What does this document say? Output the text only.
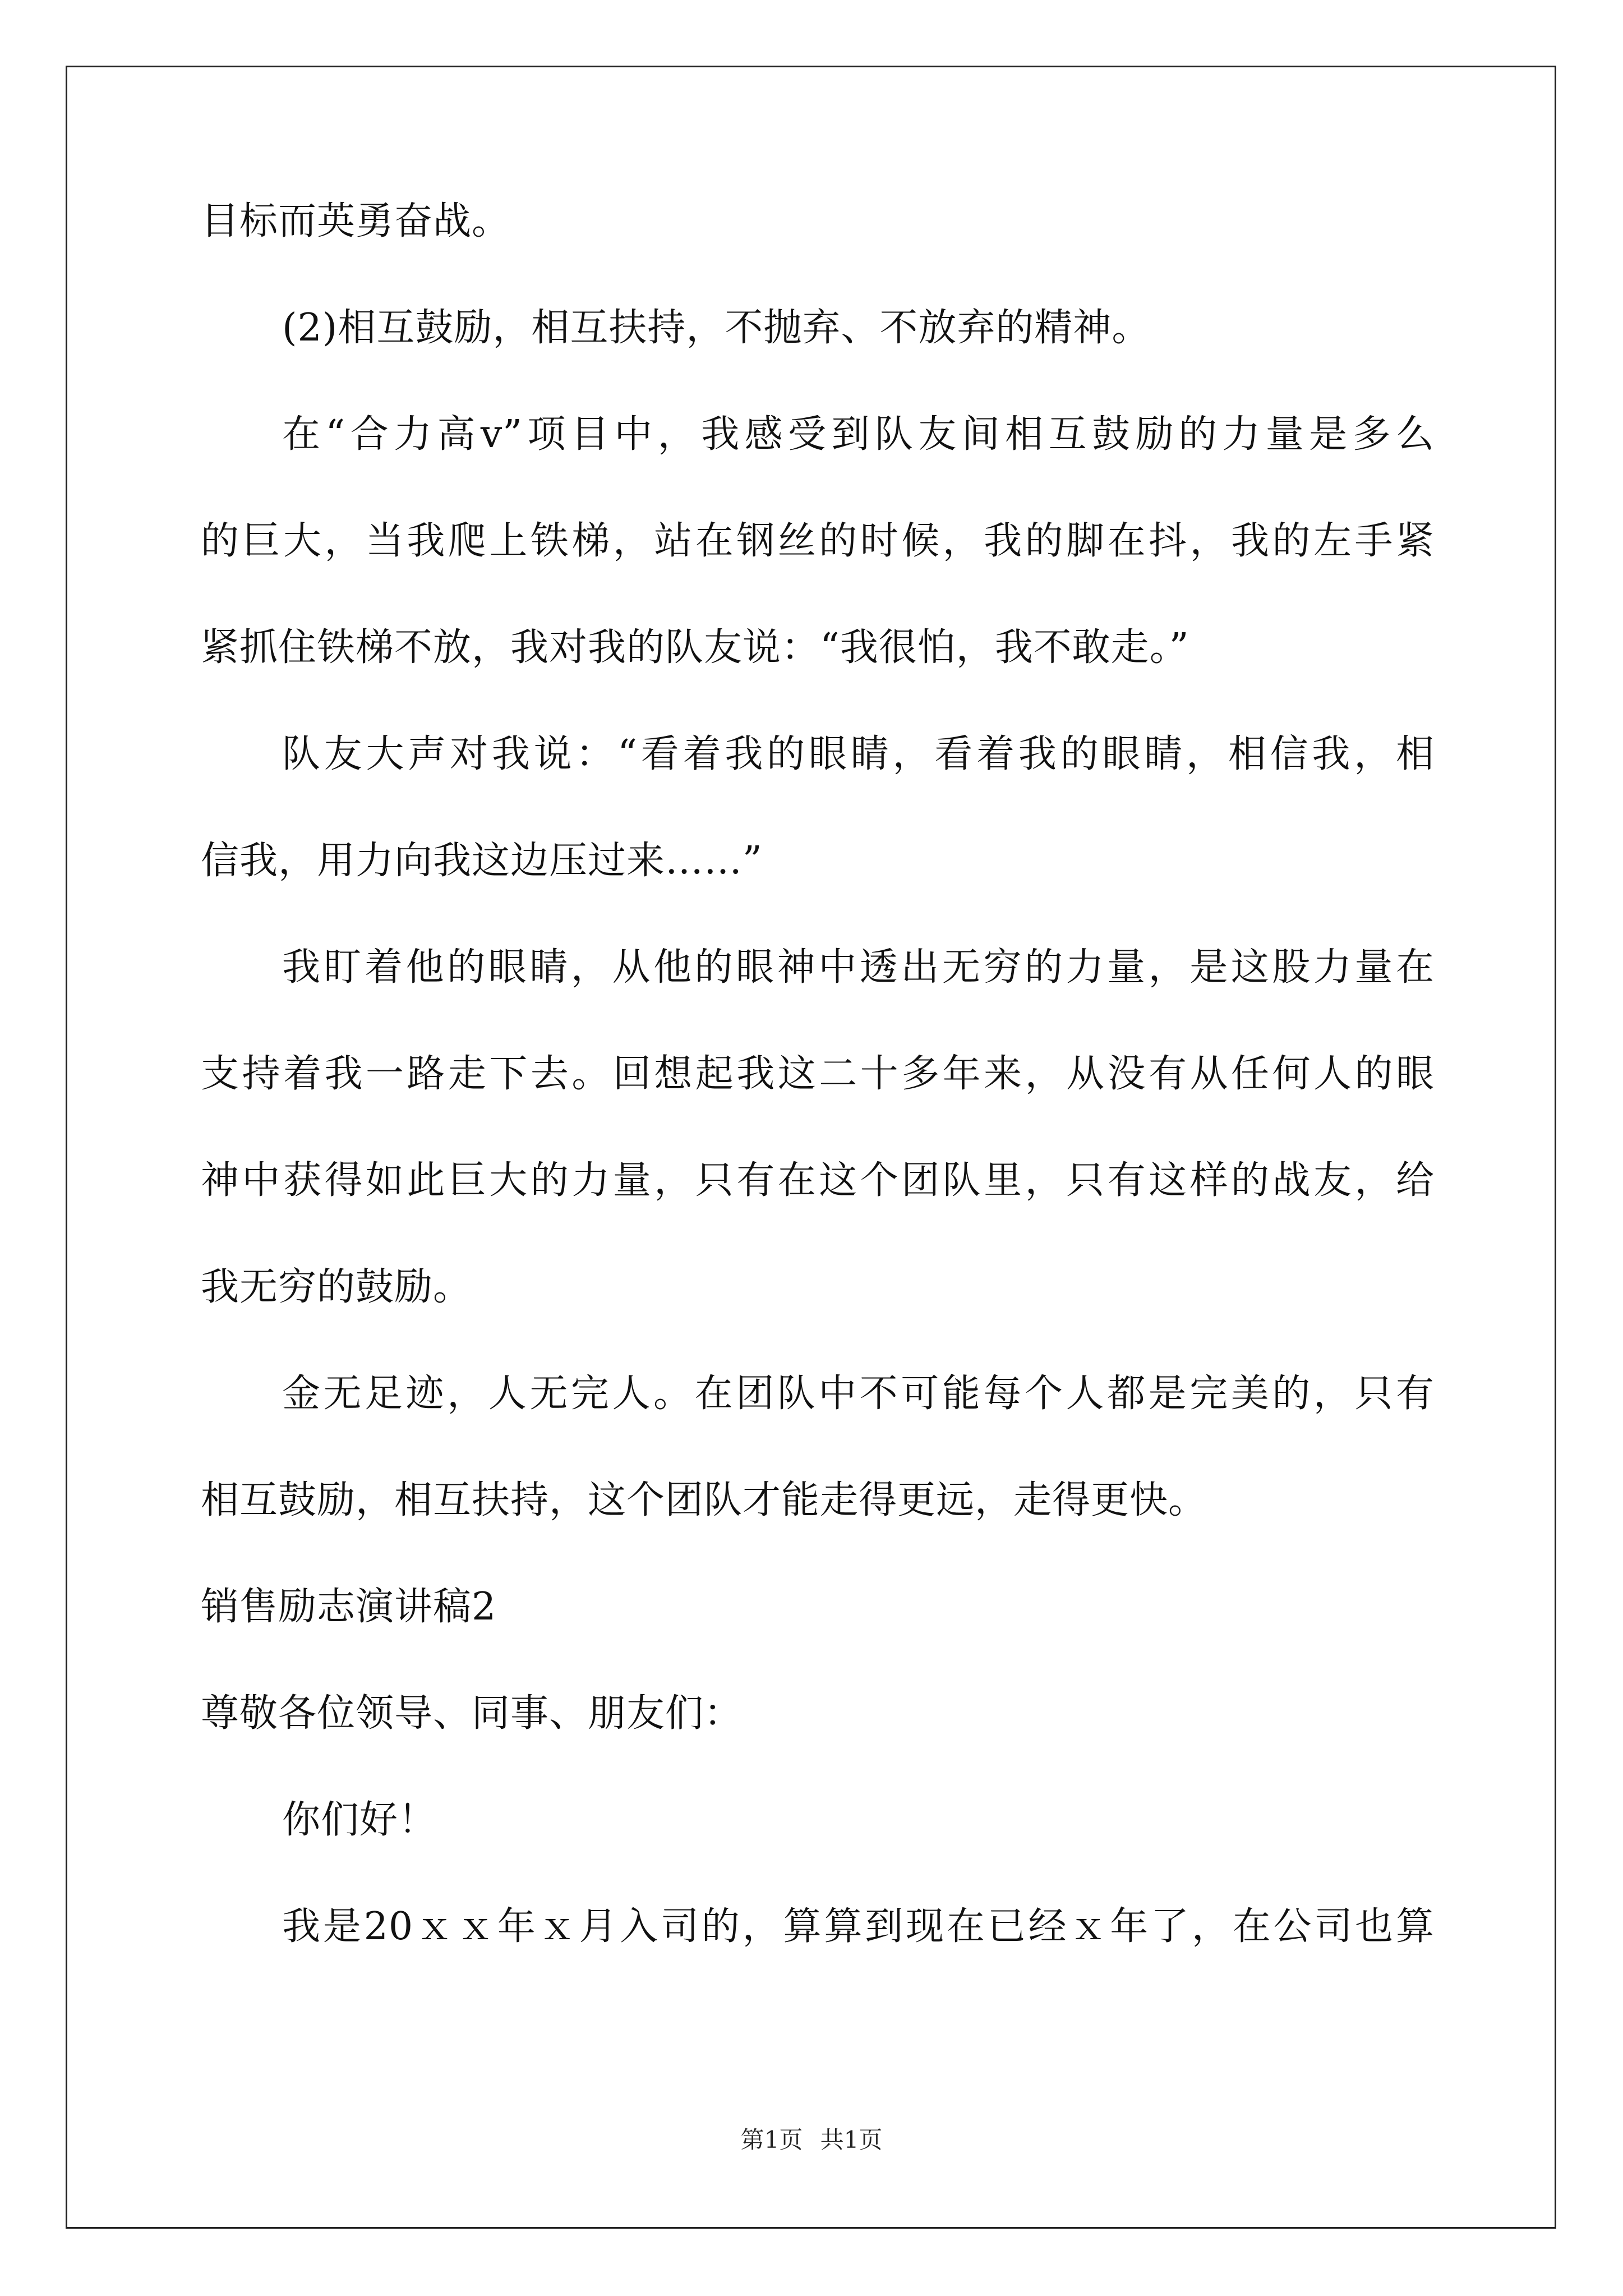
目标而英勇奋战。
(2)相互鼓励，相互扶持，不抛弃、不放弃的精神。
在“合力高v”项目中，我感受到队友间相互鼓励的力量是多么
的巨大，当我爬上铁梯，站在钢丝的时候，我的脚在抖，我的左手紧
紧抓住铁梯不放，我对我的队友说：“我很怕，我不敢走。”
队友大声对我说：“看着我的眼睛，看着我的眼睛，相信我，相
信我，用力向我这边压过来……”
我盯着他的眼睛，从他的眼神中透出无穷的力量，是这股力量在
支持着我一路走下去。回想起我这二十多年来，从没有从任何人的眼
神中获得如此巨大的力量，只有在这个团队里，只有这样的战友，给
我无穷的鼓励。
金无足迹，人无完人。在团队中不可能每个人都是完美的，只有
相互鼓励，相互扶持，这个团队才能走得更远，走得更快。
销售励志演讲稿2
尊敬各位领导、同事、朋友们：
你们好！
我是20ｘｘ年ｘ月入司的，算算到现在已经ｘ年了，在公司也算
第1页 共1页
